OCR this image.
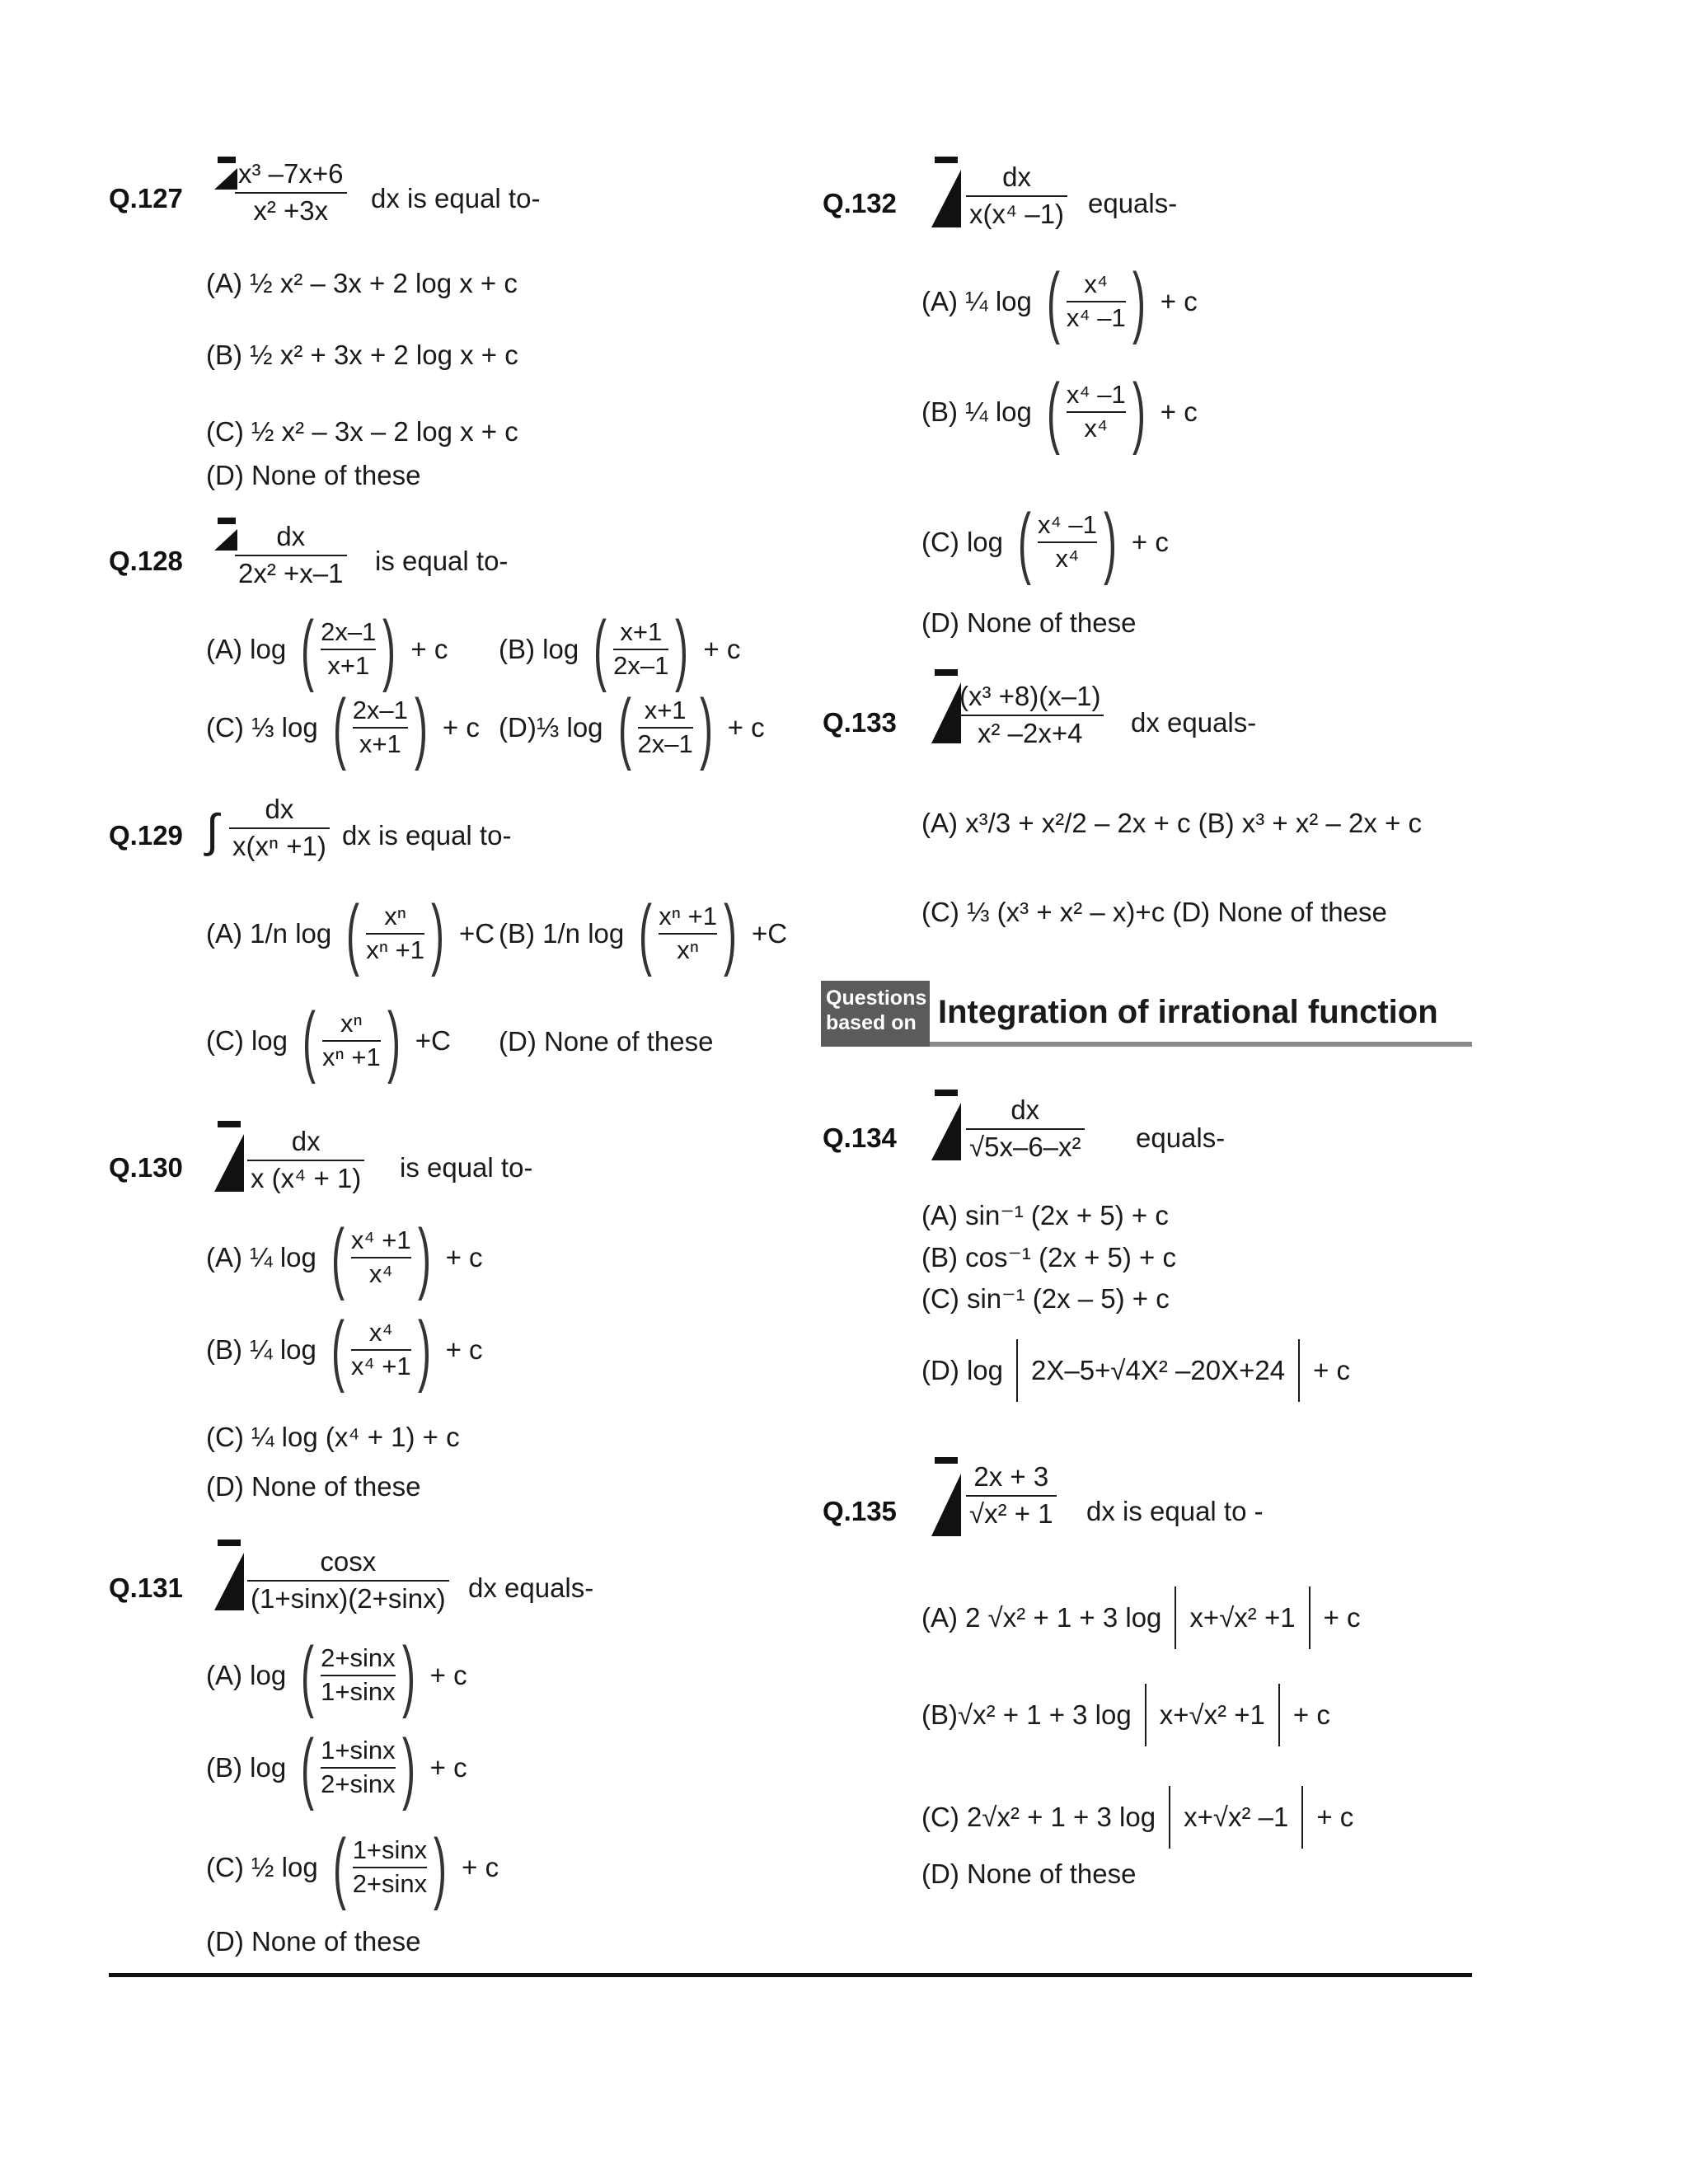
Q.127
x³ –7x+6
x² +3x dx is equal to-
(A) ½ x² – 3x + 2 log x + c
(B) ½ x² + 3x + 2 log x + c
(C) ½ x² – 3x – 2 log x + c
(D) None of these
Q.128
dx
2x² +x–1 is equal to-
(A) log ( $\frac{2x-1}{x+1}$ ) + c (B) log ( $\frac{x+1}{2x-1}$ ) + c
(C) ⅓ log ( $\frac{2x-1}{x+1}$ ) + c (D)⅓ log ( $\frac{x+1}{2x-1}$ ) + c
Q.129 ∫ dx
x(xⁿ +1) dx is equal to-
(A) 1/n log ( $\frac{\text{xⁿ}}{\text{xⁿ +1}}$ ) +C (B) 1/n log ( $\frac{\text{xⁿ +1}}{\text{xⁿ}}$ ) +C
(C) log ( $\frac{\text{xⁿ}}{\text{xⁿ +1}}$ ) +C (D) None of these
Q.130
dx
x (x⁴ + 1) is equal to-
(A) ¼ log ( $\frac{\text{x⁴ +1}}{\text{x⁴}}$ ) + c
(B) ¼ log ( $\frac{\text{x⁴}}{\text{x⁴ +1}}$ ) + c
(C) ¼ log (x⁴ + 1) + c
(D) None of these
Q.131
cosx
(1+sinx)(2+sinx) dx equals-
(A) log ( $\frac{2+\sin x}{1+\sin x}$ ) + c
(B) log ( $\frac{1+\sin x}{2+\sin x}$ ) + c
(C) ½ log ( $\frac{1+\sin x}{2+\sin x}$ ) + c
(D) None of these
Q.132
dx
x(x⁴ –1) equals-
(A) ¼ log ( $\frac{\text{x⁴}}{\text{x⁴ –1}}$ ) + c
(B) ¼ log ( $\frac{\text{x⁴ –1}}{\text{x⁴}}$ ) + c
(C) log ( $\frac{\text{x⁴ –1}}{\text{x⁴}}$ ) + c
(D) None of these
Q.133
(x³ +8)(x–1)
x² –2x+4 dx equals-
(A) x³/3 + x²/2 – 2x + c (B) x³ + x² – 2x + c
(C) ⅓ (x³ + x² – x)+c (D) None of these
Questions based on Integration of irrational function
Q.134
dx
√5x–6–x² equals-
(A) sin⁻¹ (2x + 5) + c
(B) cos⁻¹ (2x + 5) + c
(C) sin⁻¹ (2x – 5) + c
(D) log 2X–5+√4X² –20X+24 + c
Q.135
2x + 3
√x² + 1 dx is equal to -
(A) 2 √x² + 1 + 3 log x+√x² +1 + c
(B)√x² + 1 + 3 log x+√x² +1 + c
(C) 2√x² + 1 + 3 log x+√x² –1 + c
(D) None of these
